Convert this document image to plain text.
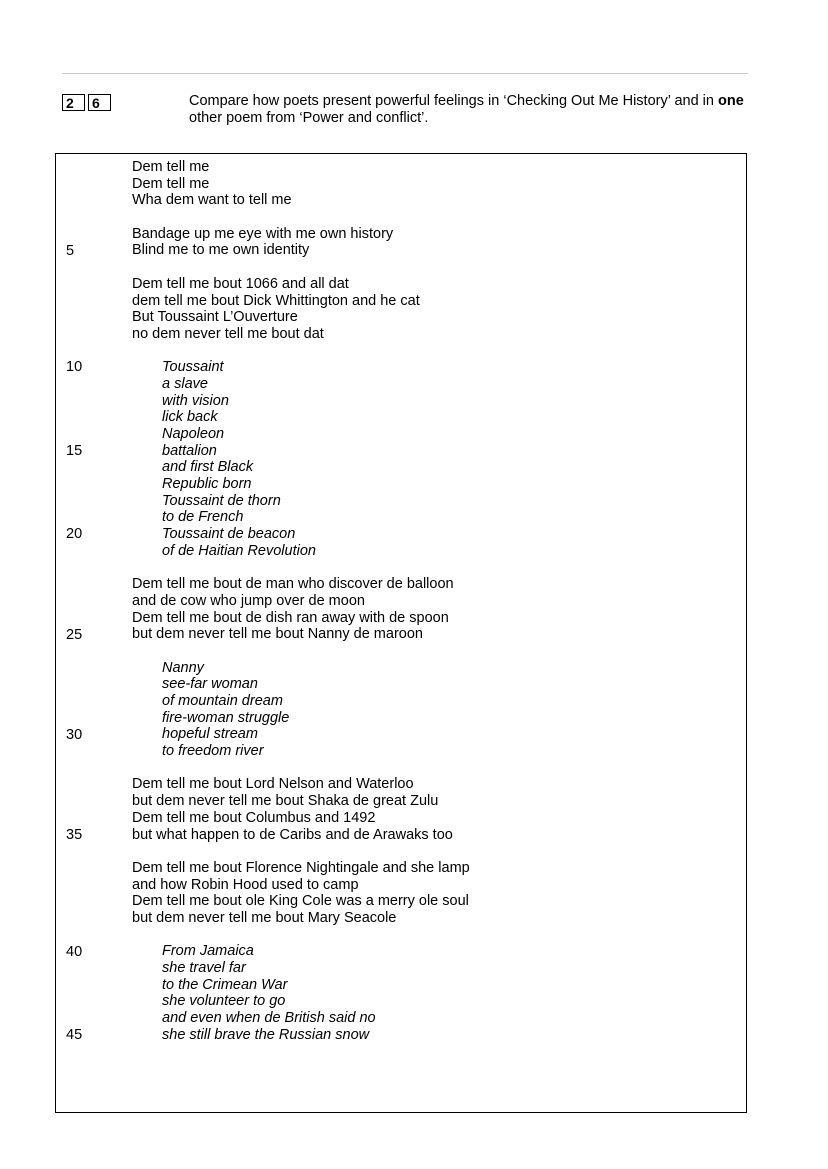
2	6	Compare how poets present powerful feelings in ‘Checking Out Me History’ and in one other poem from ‘Power and conflict’.
Dem tell me
Dem tell me
Wha dem want to tell me
Bandage up me eye with me own history
Blind me to me own identity
Dem tell me bout 1066 and all dat
dem tell me bout Dick Whittington and he cat
But Toussaint L’Ouverture
no dem never tell me bout dat
Toussaint
a slave
with vision
lick back
Napoleon
battalion
and first Black
Republic born
Toussaint de thorn
to de French
Toussaint de beacon
of de Haitian Revolution
Dem tell me bout de man who discover de balloon
and de cow who jump over de moon
Dem tell me bout de dish ran away with de spoon
but dem never tell me bout Nanny de maroon
Nanny
see-far woman
of mountain dream
fire-woman struggle
hopeful stream
to freedom river
Dem tell me bout Lord Nelson and Waterloo
but dem never tell me bout Shaka de great Zulu
Dem tell me bout Columbus and 1492
but what happen to de Caribs and de Arawaks too
Dem tell me bout Florence Nightingale and she lamp
and how Robin Hood used to camp
Dem tell me bout ole King Cole was a merry ole soul
but dem never tell me bout Mary Seacole
From Jamaica
she travel far
to the Crimean War
she volunteer to go
and even when de British said no
she still brave the Russian snow
5
10
15
20
25
30
35
40
45
